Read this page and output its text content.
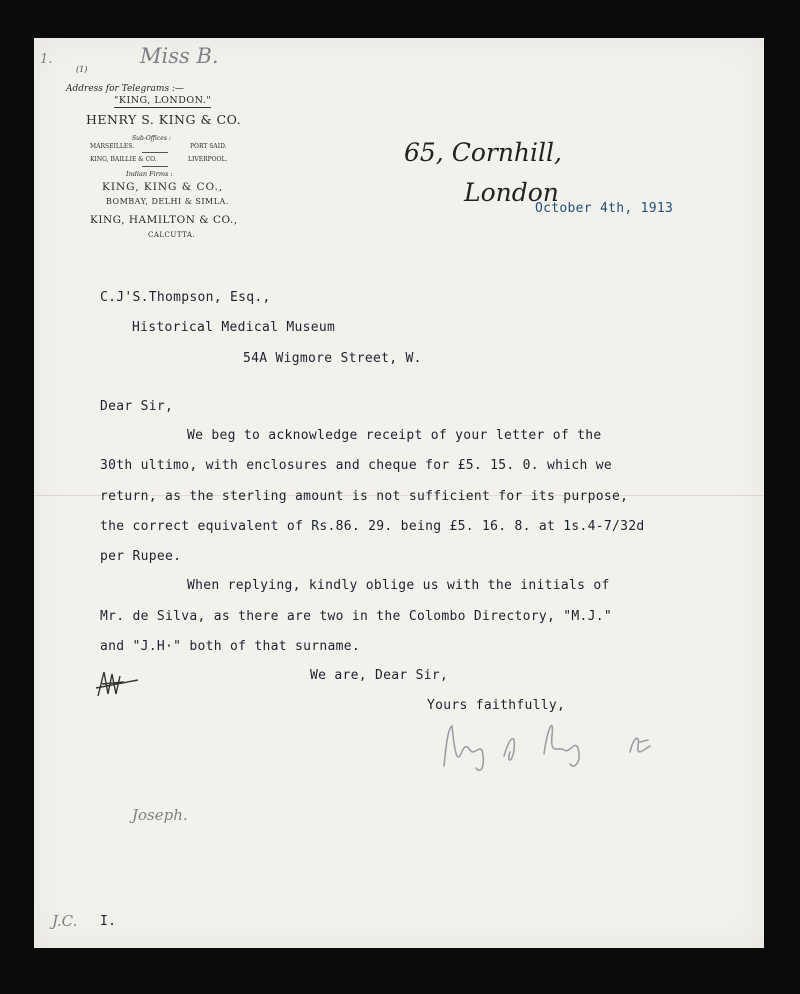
1.
(1)
Miss B.
Address for Telegrams :—
"KING, LONDON."
HENRY S. KING & CO.
Sub-Offices :
MARSEILLES.	PORT SAID.
KING, BAILLIE & CO.	LIVERPOOL.
Indian Firms :
KING, KING & CO.,
BOMBAY, DELHI & SIMLA.
KING, HAMILTON & CO.,
CALCUTTA.
65, Cornhill,
London
October 4th, 1913
C.J'S.Thompson, Esq.,
Historical Medical Museum
54A Wigmore Street, W.
Dear Sir,
We beg to acknowledge receipt of your letter of the
30th ultimo, with enclosures and cheque for £5. 15. 0. which we
return, as the sterling amount is not sufficient for its purpose,
the correct equivalent of Rs.86. 29. being £5. 16. 8. at 1s.4-7/32d
per Rupee.
When replying, kindly oblige us with the initials of
Mr. de Silva, as there are two in the Colombo Directory, "M.J."
and "J.H·" both of that surname.
We are, Dear Sir,
Yours faithfully,
Joseph.
J.C. I.
